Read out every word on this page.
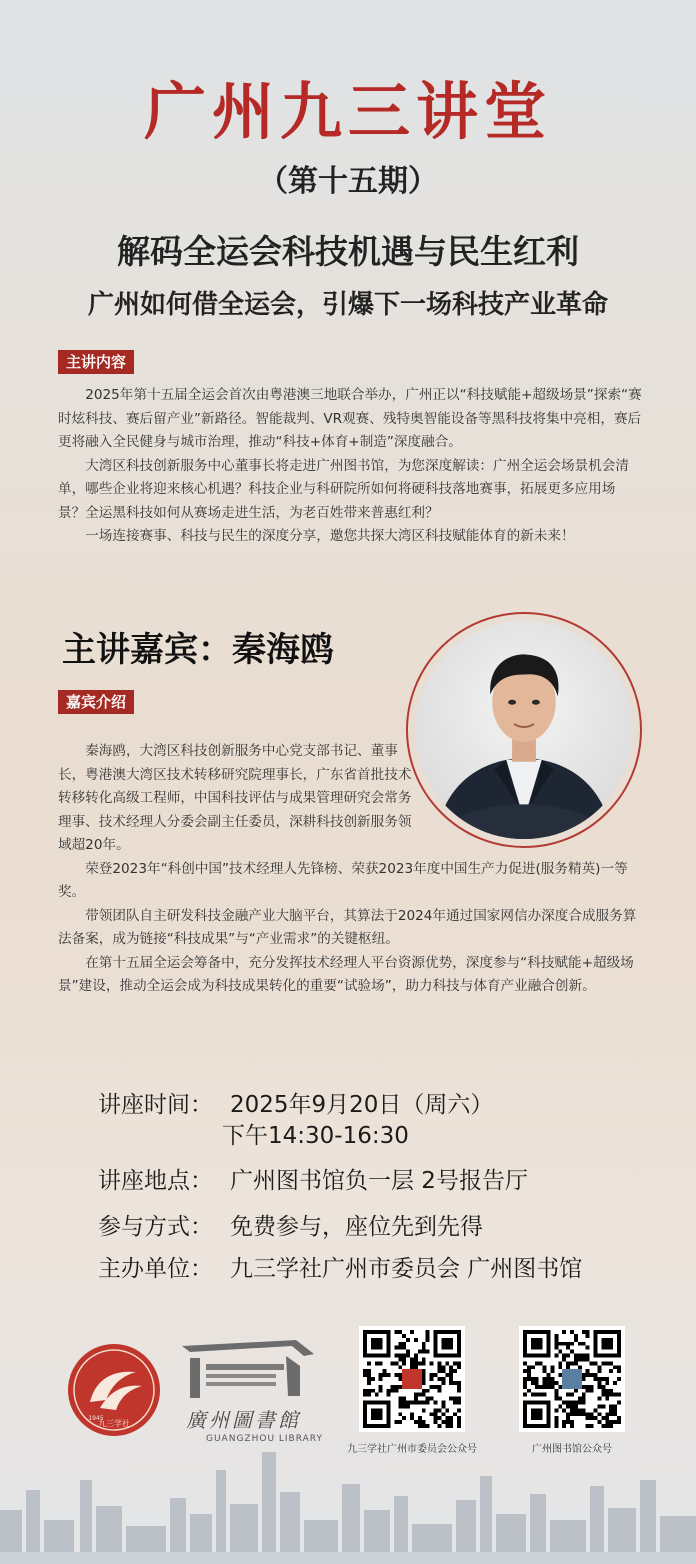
广州九三讲堂
（第十五期）
解码全运会科技机遇与民生红利
广州如何借全运会，引爆下一场科技产业革命
主讲内容

2025年第十五届全运会首次由粤港澳三地联合举办，广州正以“科技赋能+超级场景”探索“赛时炫科技、赛后留产业”新路径。智能裁判、VR观赛、残特奥智能设备等黑科技将集中亮相，赛后更将融入全民健身与城市治理，推动“科技+体育+制造”深度融合。

大湾区科技创新服务中心董事长将走进广州图书馆，为您深度解读：广州全运会场景机会清单，哪些企业将迎来核心机遇？科技企业与科研院所如何将硬科技落地赛事，拓展更多应用场景？全运黑科技如何从赛场走进生活，为老百姓带来普惠红利？

一场连接赛事、科技与民生的深度分享，邀您共探大湾区科技赋能体育的新未来！

主讲嘉宾：秦海鸥
嘉宾介绍

秦海鸥，大湾区科技创新服务中心党支部书记、董事长，粤港澳大湾区技术转移研究院理事长，广东省首批技术转移转化高级工程师，中国科技评估与成果管理研究会常务理事、技术经理人分委会副主任委员，深耕科技创新服务领域超20年。

荣登2023年“科创中国”技术经理人先锋榜、荣获2023年度中国生产力促进(服务精英)一等奖。

带领团队自主研发科技金融产业大脑平台，其算法于2024年通过国家网信办深度合成服务算法备案，成为链接“科技成果”与“产业需求”的关键枢纽。

在第十五届全运会筹备中，充分发挥技术经理人平台资源优势，深度参与“科技赋能+超级场景”建设，推动全运会成为科技成果转化的重要“试验场”，助力科技与体育产业融合创新。

讲座时间： 2025年9月20日（周六）
下午14:30-16:30
讲座地点： 广州图书馆负一层 2号报告厅
参与方式： 免费参与，座位先到先得
主办单位： 九三学社广州市委员会 广州图书馆
九三学社
1945	廣州圖書館
GUANGZHOU LIBRARY
九三学社广州市委员会公众号	广州图书馆公众号
